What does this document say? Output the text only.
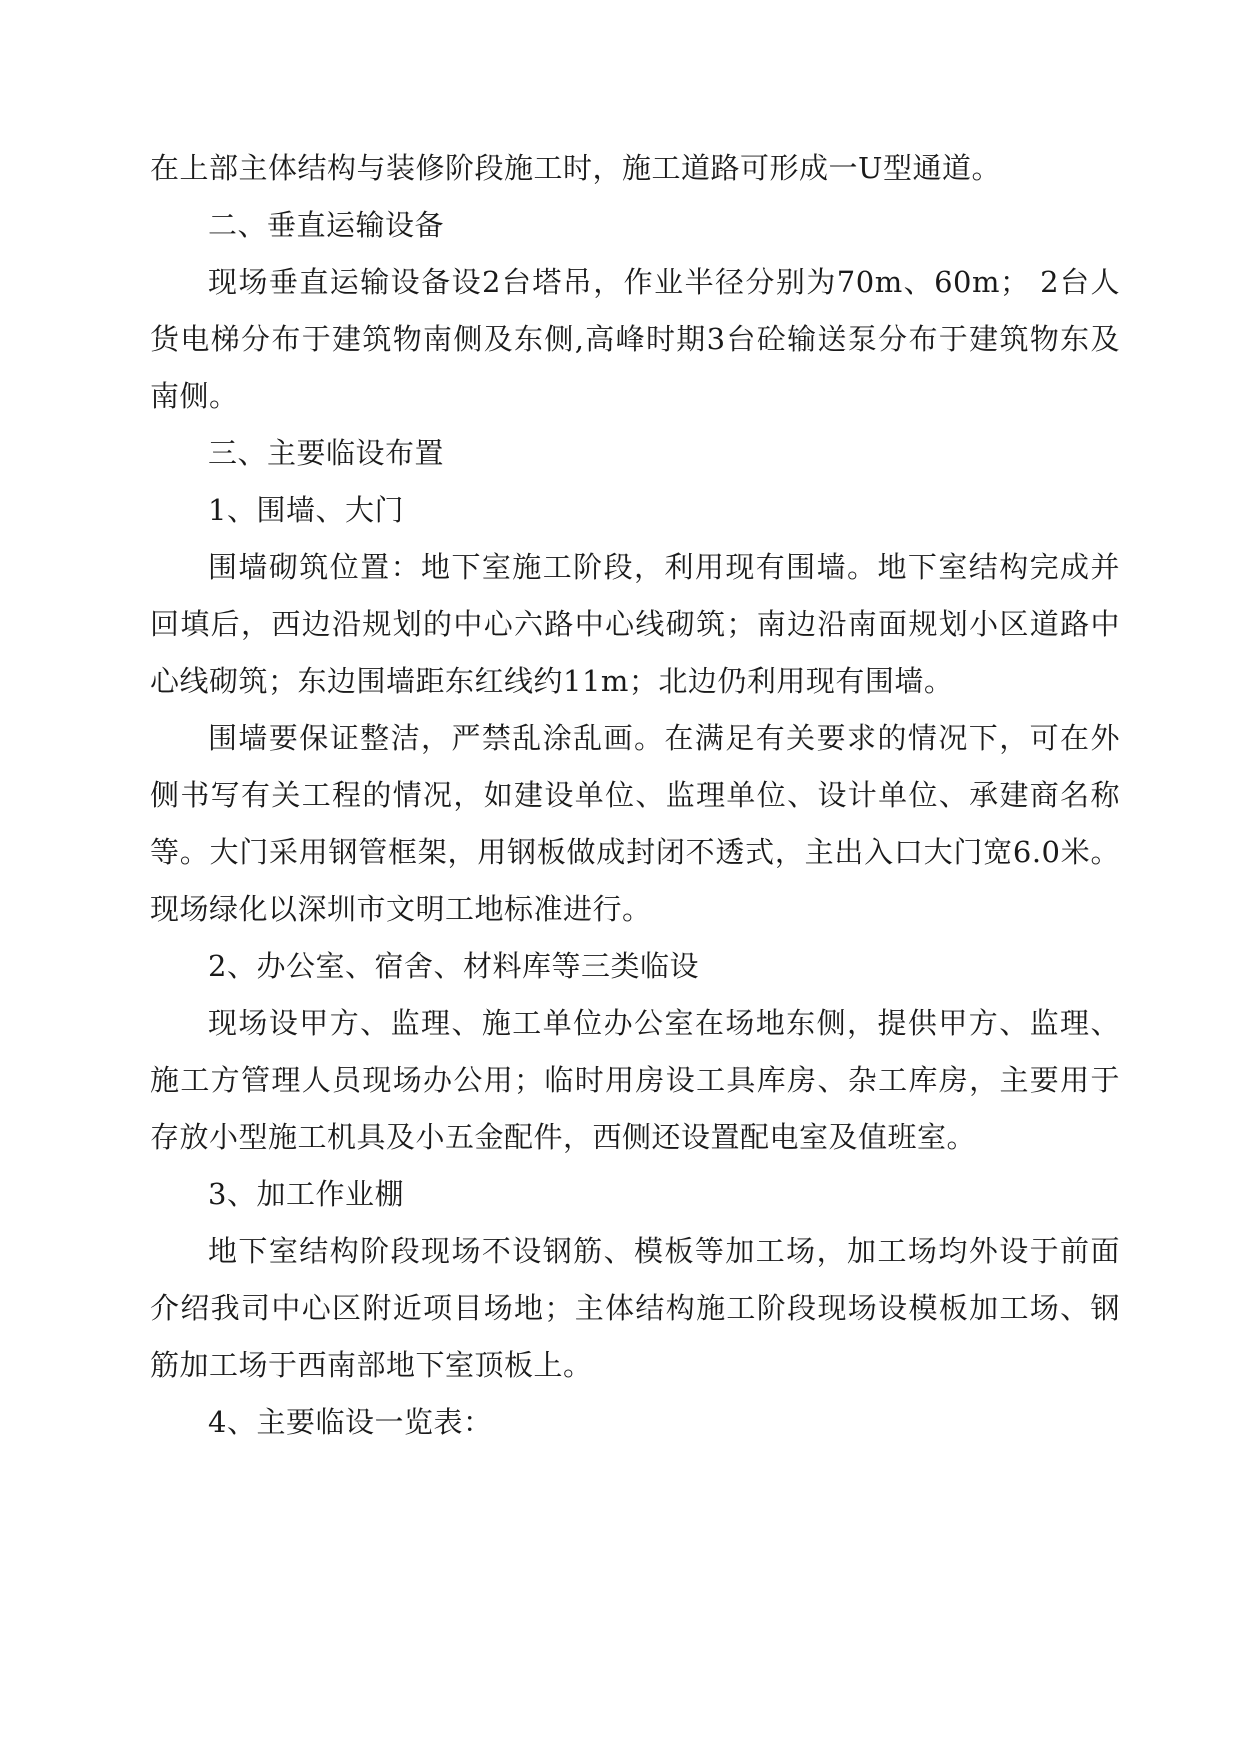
在上部主体结构与装修阶段施工时，施工道路可形成一U型通道。

二、垂直运输设备

现场垂直运输设备设2台塔吊，作业半径分别为70m、60m； 2台人货电梯分布于建筑物南侧及东侧,高峰时期3台砼输送泵分布于建筑物东及南侧。

三、主要临设布置

1、围墙、大门

围墙砌筑位置：地下室施工阶段，利用现有围墙。地下室结构完成并回填后，西边沿规划的中心六路中心线砌筑；南边沿南面规划小区道路中心线砌筑；东边围墙距东红线约11m；北边仍利用现有围墙。

围墙要保证整洁，严禁乱涂乱画。在满足有关要求的情况下，可在外侧书写有关工程的情况，如建设单位、监理单位、设计单位、承建商名称等。大门采用钢管框架，用钢板做成封闭不透式，主出入口大门宽6.0米。现场绿化以深圳市文明工地标准进行。

2、办公室、宿舍、材料库等三类临设

现场设甲方、监理、施工单位办公室在场地东侧，提供甲方、监理、施工方管理人员现场办公用；临时用房设工具库房、杂工库房，主要用于存放小型施工机具及小五金配件，西侧还设置配电室及值班室。

3、加工作业棚

地下室结构阶段现场不设钢筋、模板等加工场，加工场均外设于前面介绍我司中心区附近项目场地；主体结构施工阶段现场设模板加工场、钢筋加工场于西南部地下室顶板上。

4、主要临设一览表：
